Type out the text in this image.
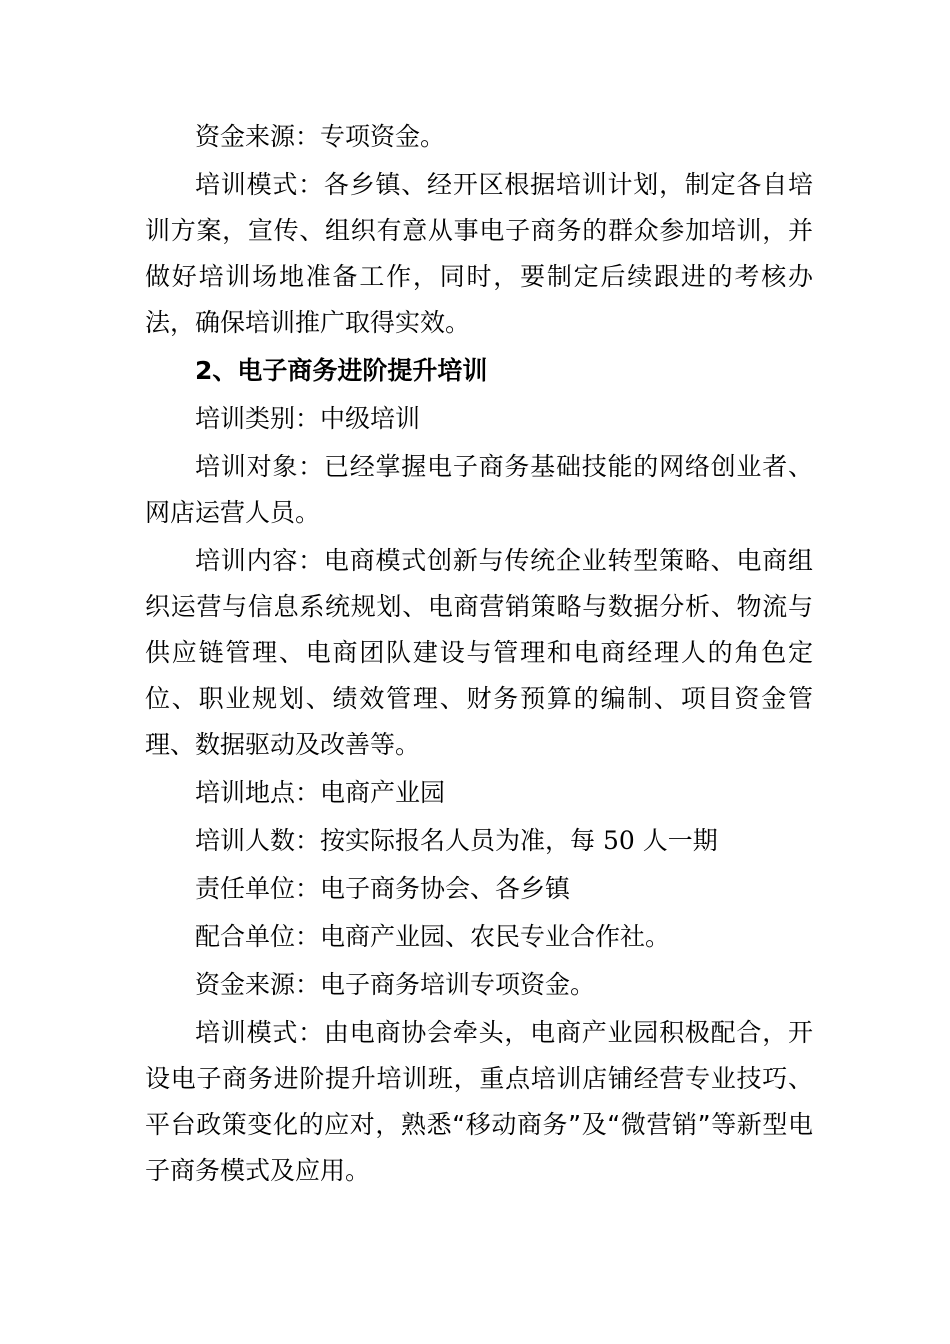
资金来源：专项资金。

培训模式：各乡镇、经开区根据培训计划，制定各自培训方案，宣传、组织有意从事电子商务的群众参加培训，并做好培训场地准备工作，同时，要制定后续跟进的考核办法，确保培训推广取得实效。

2、电子商务进阶提升培训

培训类别：中级培训

培训对象：已经掌握电子商务基础技能的网络创业者、网店运营人员。

培训内容：电商模式创新与传统企业转型策略、电商组织运营与信息系统规划、电商营销策略与数据分析、物流与供应链管理、电商团队建设与管理和电商经理人的角色定位、职业规划、绩效管理、财务预算的编制、项目资金管理、数据驱动及改善等。

培训地点：电商产业园

培训人数：按实际报名人员为准，每 50 人一期

责任单位：电子商务协会、各乡镇

配合单位：电商产业园、农民专业合作社。

资金来源：电子商务培训专项资金。

培训模式：由电商协会牵头，电商产业园积极配合，开设电子商务进阶提升培训班，重点培训店铺经营专业技巧、平台政策变化的应对，熟悉“移动商务”及“微营销”等新型电子商务模式及应用。
